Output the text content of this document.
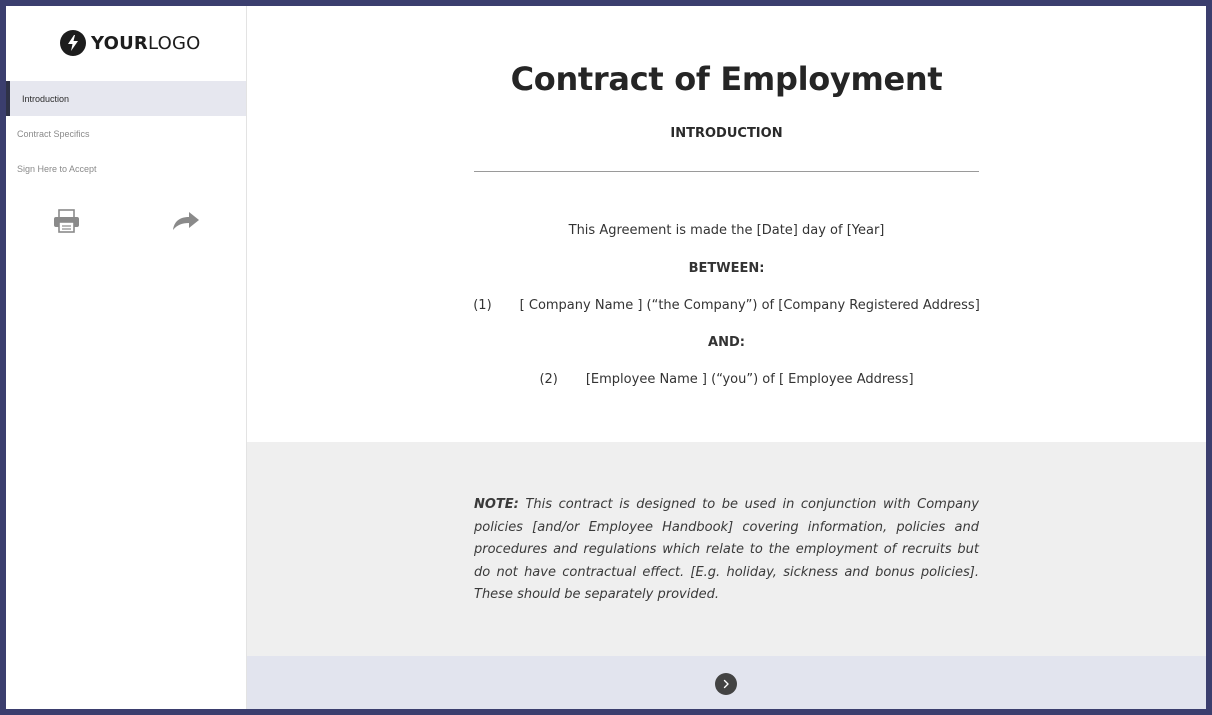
YOURLOGO
Introduction
Contract Specifics
Sign Here to Accept
Contract of Employment
INTRODUCTION
This Agreement is made the [Date] day of [Year]
BETWEEN:
(1) [ Company Name ] (“the Company”) of [Company Registered Address]
AND:
(2) [Employee Name ] (“you”) of [ Employee Address]
NOTE: This contract is designed to be used in conjunction with Company policies [and/or Employee Handbook] covering information, policies and procedures and regulations which relate to the employment of recruits but do not have contractual effect. [E.g. holiday, sickness and bonus policies]. These should be separately provided.
